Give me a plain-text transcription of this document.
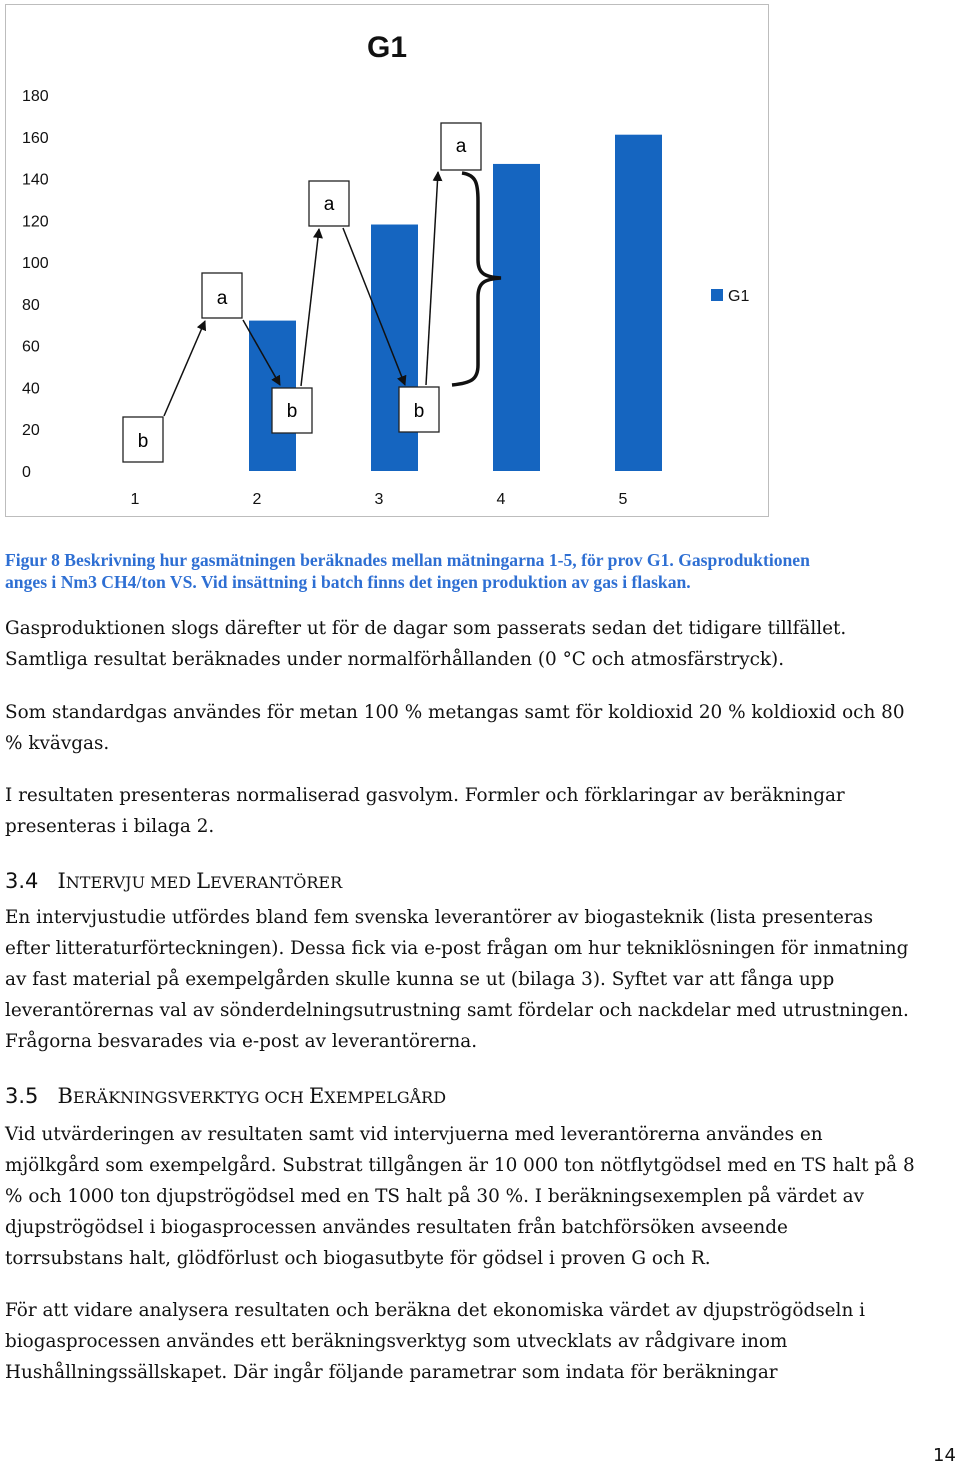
G1
0
20
40
60
80
100
120
140
160
180
1	2	3	4	5
G1
b
a
b
a
b
a
Figur 8 Beskrivning hur gasmätningen beräknades mellan mätningarna 1-5, för prov G1. Gasproduktionen
anges i Nm3 CH4/ton VS. Vid insättning i batch finns det ingen produktion av gas i flaskan.
Gasproduktionen slogs därefter ut för de dagar som passerats sedan det tidigare tillfället.
Samtliga resultat beräknades under normalförhållanden (0 °C och atmosfärstryck).
Som standardgas användes för metan 100 % metangas samt för koldioxid 20 % koldioxid och 80
% kvävgas.
I resultaten presenteras normaliserad gasvolym. Formler och förklaringar av beräkningar
presenteras i bilaga 2.
3.4 INTERVJU MED LEVERANTÖRER
En intervjustudie utfördes bland fem svenska leverantörer av biogasteknik (lista presenteras
efter litteraturförteckningen). Dessa fick via e-post frågan om hur tekniklösningen för inmatning
av fast material på exempelgården skulle kunna se ut (bilaga 3). Syftet var att fånga upp
leverantörernas val av sönderdelningsutrustning samt fördelar och nackdelar med utrustningen.
Frågorna besvarades via e-post av leverantörerna.
3.5 BERÄKNINGSVERKTYG OCH EXEMPELGÅRD
Vid utvärderingen av resultaten samt vid intervjuerna med leverantörerna användes en
mjölkgård som exempelgård. Substrat tillgången är 10 000 ton nötflytgödsel med en TS halt på 8
% och 1000 ton djupströgödsel med en TS halt på 30 %. I beräkningsexemplen på värdet av
djupströgödsel i biogasprocessen användes resultaten från batchförsöken avseende
torrsubstans halt, glödförlust och biogasutbyte för gödsel i proven G och R.
För att vidare analysera resultaten och beräkna det ekonomiska värdet av djupströgödseln i
biogasprocessen användes ett beräkningsverktyg som utvecklats av rådgivare inom
Hushållningssällskapet. Där ingår följande parametrar som indata för beräkningar
14
